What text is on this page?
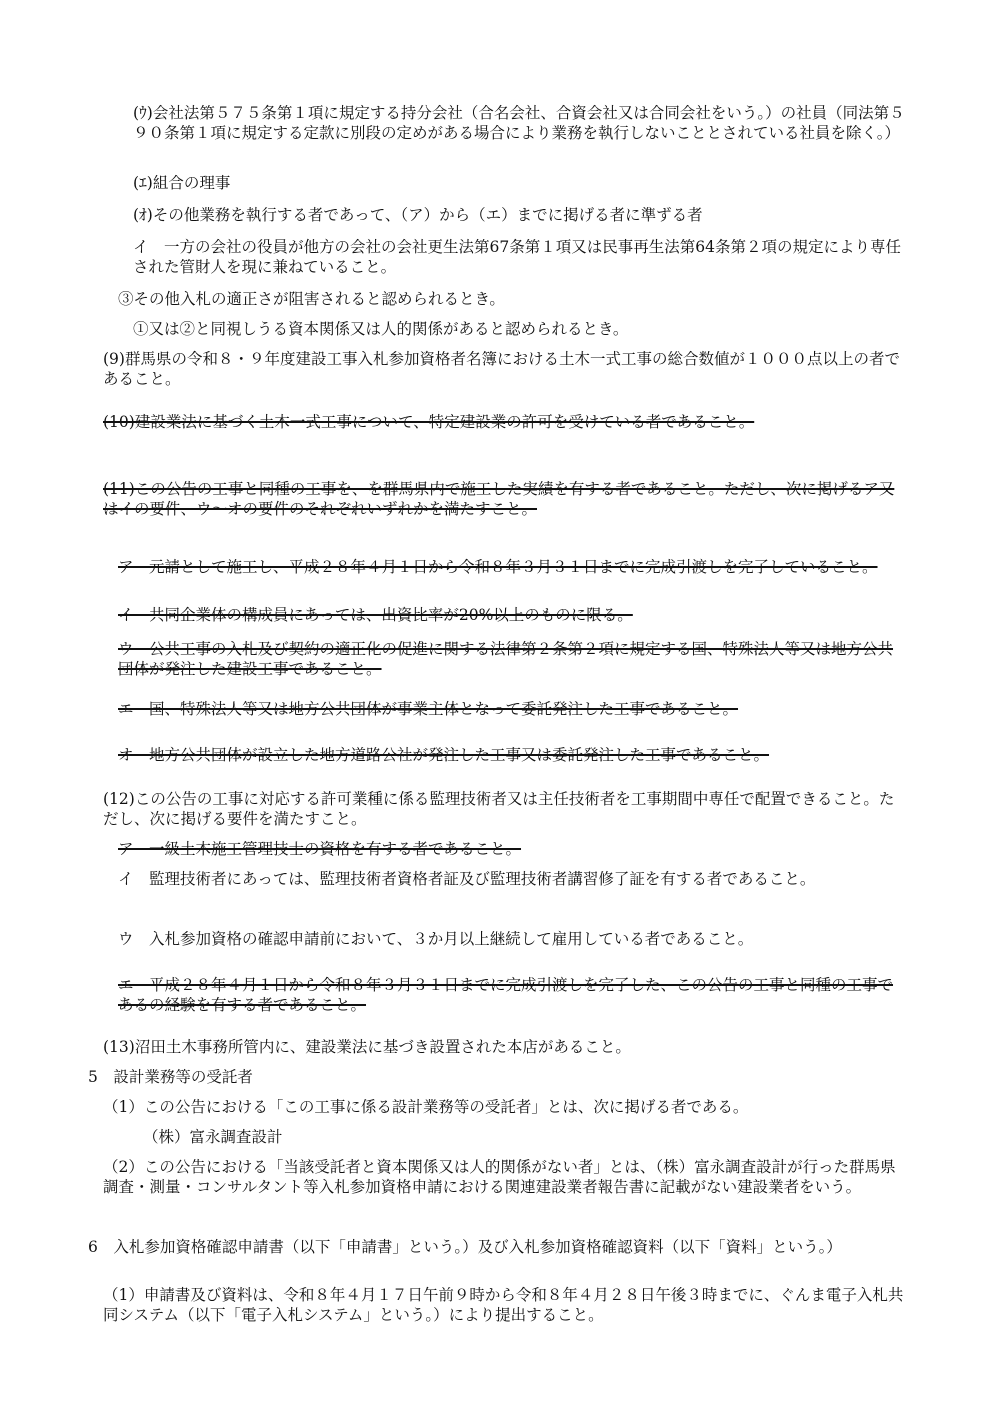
(ｳ)会社法第５７５条第１項に規定する持分会社（合名会社、合資会社又は合同会社をいう。）の社員（同法第５９０条第１項に規定する定款に別段の定めがある場合により業務を執行しないこととされている社員を除く。）
(ｴ)組合の理事
(ｵ)その他業務を執行する者であって、（ア）から（エ）までに掲げる者に準ずる者
イ　一方の会社の役員が他方の会社の会社更生法第67条第１項又は民事再生法第64条第２項の規定により専任された管財人を現に兼ねていること。
③その他入札の適正さが阻害されると認められるとき。
①又は②と同視しうる資本関係又は人的関係があると認められるとき。
(9)群馬県の令和８・９年度建設工事入札参加資格者名簿における土木一式工事の総合数値が１０００点以上の者であること。
(10)建設業法に基づく土木一式工事について、特定建設業の許可を受けている者であること。
(11)この公告の工事と同種の工事を、を群馬県内で施工した実績を有する者であること。ただし、次に掲げるア又はイの要件、ウ～オの要件のそれぞれいずれかを満たすこと。
ア　元請として施工し、平成２８年４月１日から令和８年３月３１日までに完成引渡しを完了していること。
イ　共同企業体の構成員にあっては、出資比率が20%以上のものに限る。
ウ　公共工事の入札及び契約の適正化の促進に関する法律第２条第２項に規定する国、特殊法人等又は地方公共団体が発注した建設工事であること。
エ　国、特殊法人等又は地方公共団体が事業主体となって委託発注した工事であること。
オ　地方公共団体が設立した地方道路公社が発注した工事又は委託発注した工事であること。
(12)この公告の工事に対応する許可業種に係る監理技術者又は主任技術者を工事期間中専任で配置できること。ただし、次に掲げる要件を満たすこと。
ア　一級土木施工管理技士の資格を有する者であること。
イ　監理技術者にあっては、監理技術者資格者証及び監理技術者講習修了証を有する者であること。
ウ　入札参加資格の確認申請前において、３か月以上継続して雇用している者であること。
エ　平成２８年４月１日から令和８年３月３１日までに完成引渡しを完了した、この公告の工事と同種の工事であるの経験を有する者であること。
(13)沼田土木事務所管内に、建設業法に基づき設置された本店があること。
5　設計業務等の受託者
（1）この公告における「この工事に係る設計業務等の受託者」とは、次に掲げる者である。
（株）富永調査設計
（2）この公告における「当該受託者と資本関係又は人的関係がない者」とは、（株）富永調査設計が行った群馬県調査・測量・コンサルタント等入札参加資格申請における関連建設業者報告書に記載がない建設業者をいう。
6　入札参加資格確認申請書（以下「申請書」という。）及び入札参加資格確認資料（以下「資料」という。）
（1）申請書及び資料は、令和８年４月１７日午前９時から令和８年４月２８日午後３時までに、ぐんま電子入札共同システム（以下「電子入札システム」という。）により提出すること。
